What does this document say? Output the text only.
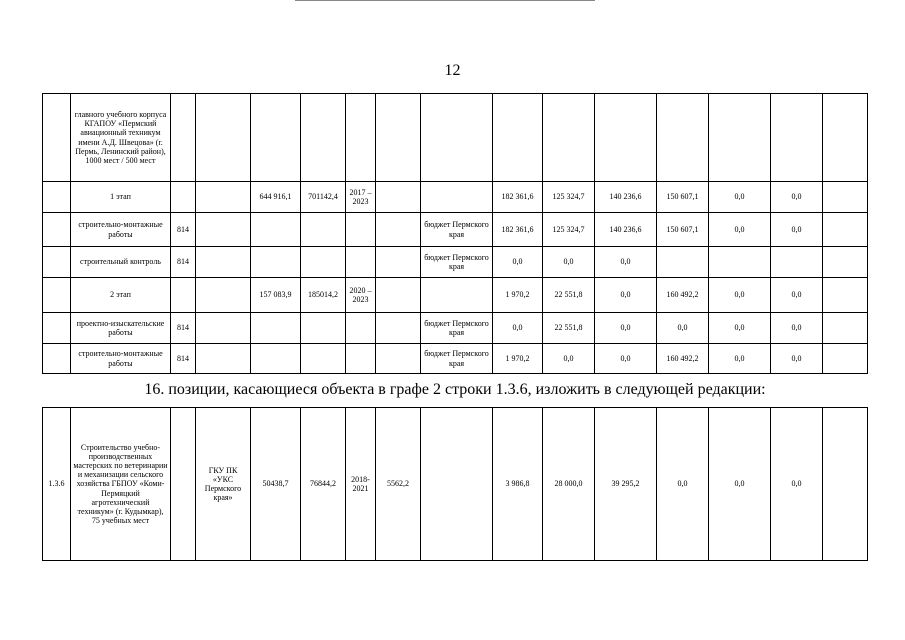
12
	главного учебного корпуса КГАПОУ «Пермский авиационный техникум имени А.Д. Швецова» (г. Пермь, Ленинский район), 1000 мест / 500 мест														
	1 этап			644 916,1	701142,4	2017 – 2023			182 361,6	125 324,7	140 236,6	150 607,1	0,0	0,0	
	строительно-монтажные работы	814						бюджет Пермского края	182 361,6	125 324,7	140 236,6	150 607,1	0,0	0,0	
	строительный контроль	814						бюджет Пермского края	0,0	0,0	0,0				
	2 этап			157 083,9	185014,2	2020 – 2023			1 970,2	22 551,8	0,0	160 492,2	0,0	0,0	
	проектно-изыскательские работы	814						бюджет Пермского края	0,0	22 551,8	0,0	0,0	0,0	0,0	
	строительно-монтажные работы	814						бюджет Пермского края	1 970,2	0,0	0,0	160 492,2	0,0	0,0	
16. позиции, касающиеся объекта в графе 2 строки 1.3.6, изложить в следующей редакции:
1.3.6	Строительство учебно-производственных мастерских по ветеринарии и механизации сельского хозяйства ГБПОУ «Коми-Пермяцкий агротехнический техникум» (г. Кудымкар), 75 учебных мест		ГКУ ПК «УКС Пермского края»	50438,7	76844,2	2018-2021	5562,2		3 986,8	28 000,0	39 295,2	0,0	0,0	0,0	
